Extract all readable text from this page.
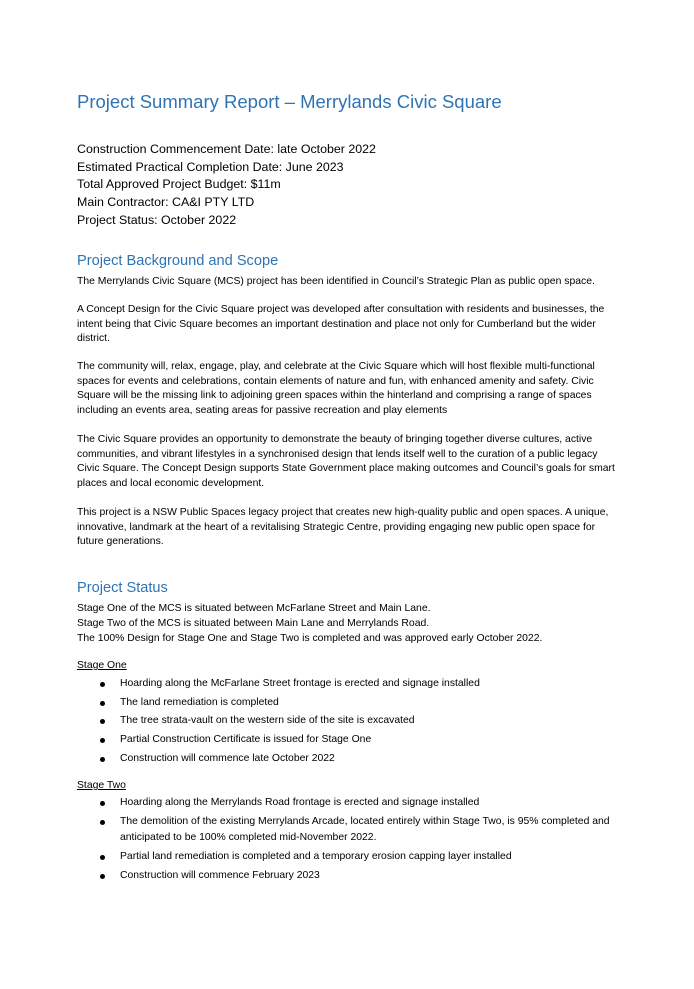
Project Summary Report – Merrylands Civic Square
Construction Commencement Date: late October 2022
Estimated Practical Completion Date: June 2023
Total Approved Project Budget: $11m
Main Contractor: CA&I PTY LTD
Project Status: October 2022
Project Background and Scope

The Merrylands Civic Square (MCS) project has been identified in Council’s Strategic Plan as public open space.

A Concept Design for the Civic Square project was developed after consultation with residents and businesses, the intent being that Civic Square becomes an important destination and place not only for Cumberland but the wider district.

The community will, relax, engage, play, and celebrate at the Civic Square which will host flexible multi-functional spaces for events and celebrations, contain elements of nature and fun, with enhanced amenity and safety. Civic Square will be the missing link to adjoining green spaces within the hinterland and comprising a range of spaces including an events area, seating areas for passive recreation and play elements

The Civic Square provides an opportunity to demonstrate the beauty of bringing together diverse cultures, active communities, and vibrant lifestyles in a synchronised design that lends itself well to the curation of a public legacy Civic Square. The Concept Design supports State Government place making outcomes and Council’s goals for smart places and local economic development.

This project is a NSW Public Spaces legacy project that creates new high-quality public and open spaces. A unique, innovative, landmark at the heart of a revitalising Strategic Centre, providing engaging new public open space for future generations.

Project Status

Stage One of the MCS is situated between McFarlane Street and Main Lane.

Stage Two of the MCS is situated between Main Lane and Merrylands Road.

The 100% Design for Stage One and Stage Two is completed and was approved early October 2022.

Stage One

Hoarding along the McFarlane Street frontage is erected and signage installed
The land remediation is completed
The tree strata-vault on the western side of the site is excavated
Partial Construction Certificate is issued for Stage One
Construction will commence late October 2022

Stage Two

Hoarding along the Merrylands Road frontage is erected and signage installed
The demolition of the existing Merrylands Arcade, located entirely within Stage Two, is 95% completed and anticipated to be 100% completed mid-November 2022.
Partial land remediation is completed and a temporary erosion capping layer installed
Construction will commence February 2023
